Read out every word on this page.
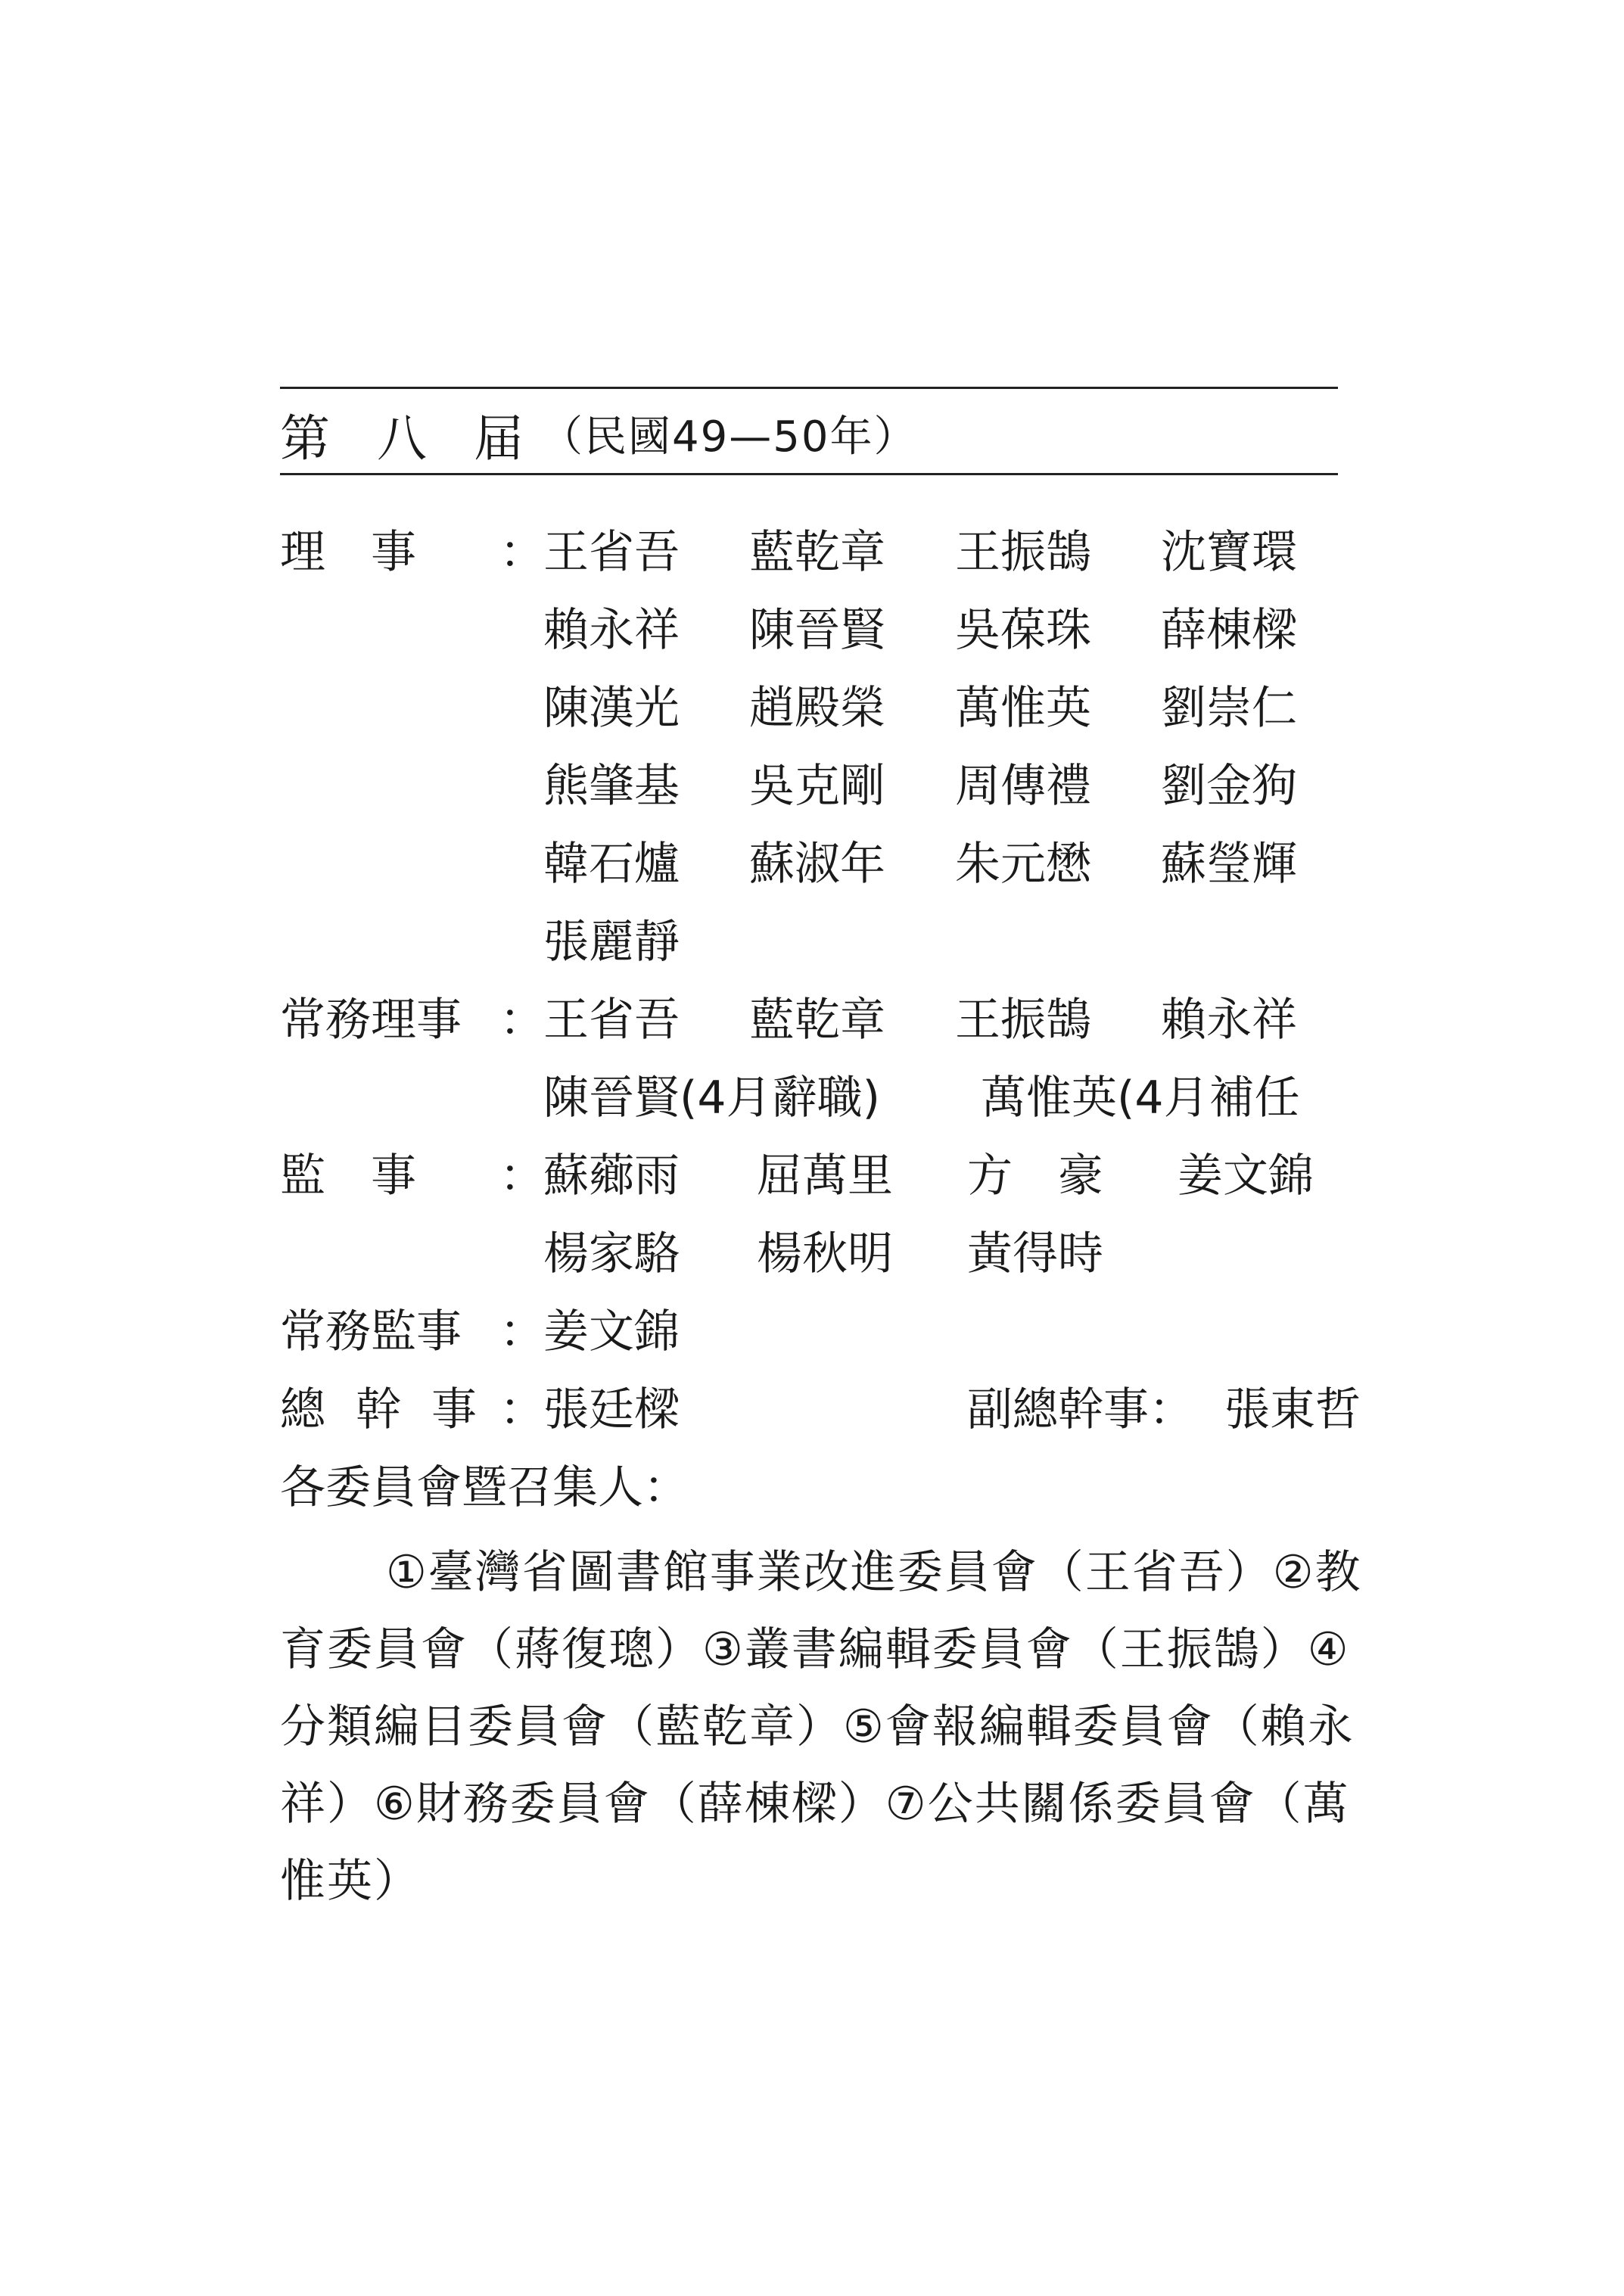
第八届
（民國49—50年）
理　事 ：
王省吾 藍乾章 王振鵠 沈寶環
賴永祥 陳晉賢 吳葆珠 薛棟樑
陳漢光 趙殿榮 萬惟英 劉崇仁
熊肇基 吳克剛 周傳禮 劉金狗
韓石爐 蘇淑年 朱元懋 蘇瑩輝
張麗靜
常務理事 ：
王省吾 藍乾章 王振鵠 賴永祥
陳晉賢(4月辭職) 萬惟英(4月補任
監　事 ：
蘇薌雨 屈萬里 方　豪 姜文錦
楊家駱 楊秋明 黃得時
常務監事 ：
姜文錦
總幹事
：
張廷樑	副總幹事： 張東哲
各委員會暨召集人：
①臺灣省圖書館事業改進委員會（王省吾）②教育委員會（蔣復璁）③叢書編輯委員會（王振鵠）④分類編目委員會（藍乾章）⑤會報編輯委員會（賴永祥）⑥財務委員會（薛棟樑）⑦公共關係委員會（萬惟英）
